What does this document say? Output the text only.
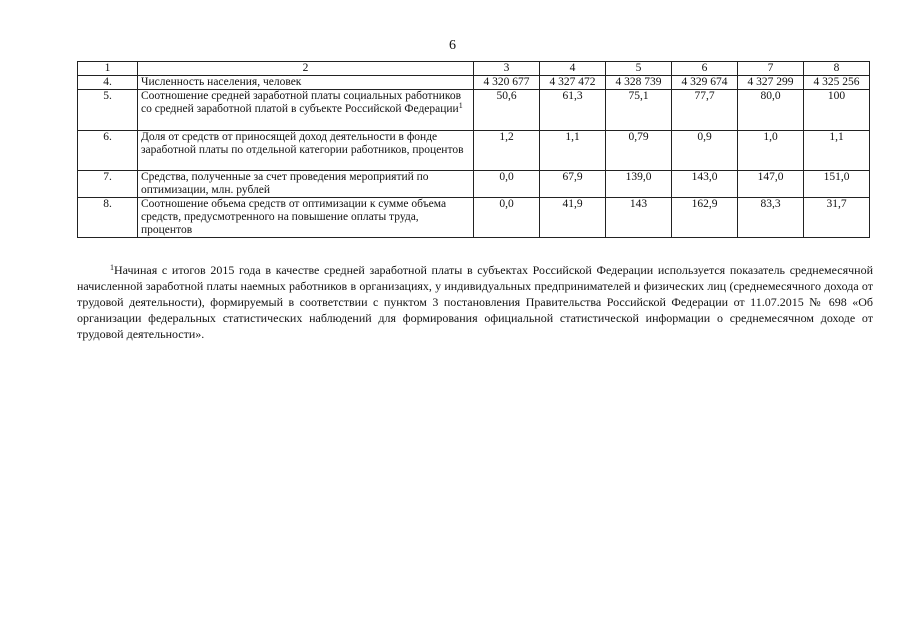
6
1	2	3	4	5	6	7	8
4.	Численность населения, человек	4 320 677	4 327 472	4 328 739	4 329 674	4 327 299	4 325 256
5.	Соотношение средней заработной платы социальных работников со средней заработной платой в субъекте Российской Федерации$^1$	50,6	61,3	75,1	77,7	80,0	100
6.	Доля от средств от приносящей доход деятельности в фонде заработной платы по отдельной категории работников, процентов	1,2	1,1	0,79	0,9	1,0	1,1
7.	Средства, полученные за счет проведения мероприятий по оптимизации, млн. рублей	0,0	67,9	139,0	143,0	147,0	151,0
8.	Соотношение объема средств от оптимизации к сумме объема средств, предусмотренного на повышение оплаты труда, процентов	0,0	41,9	143	162,9	83,3	31,7
$^1$Начиная с итогов 2015 года в качестве средней заработной платы в субъектах Российской Федерации используется показатель среднемесячной начисленной заработной платы наемных работников в организациях, у индивидуальных предпринимателей и физических лиц (среднемесячного дохода от трудовой деятельности), формируемый в соответствии с пунктом 3 постановления Правительства Российской Федерации от 11.07.2015 № 698 «Об организации федеральных статистических наблюдений для формирования официальной статистической информации о среднемесячном доходе от трудовой деятельности».
